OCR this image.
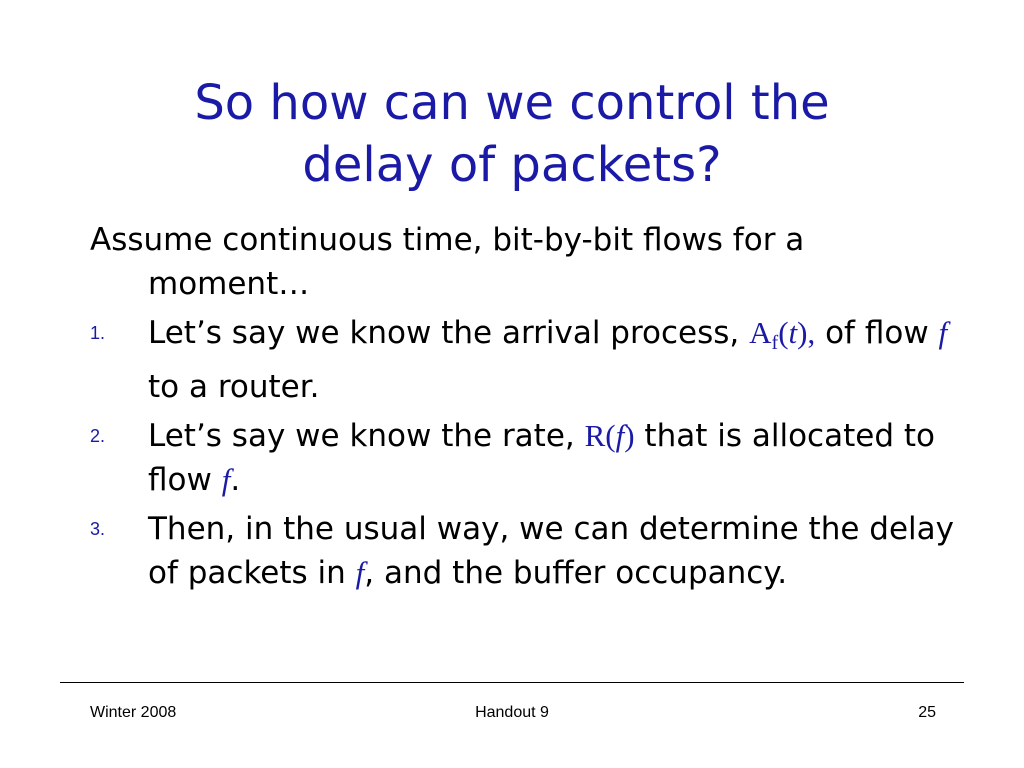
So how can we control the
delay of packets?

Assume continuous time, bit-by-bit flows for a moment…

1. Let’s say we know the arrival process, Af(t), of flow f to a router.
2. Let’s say we know the rate, R(f) that is allocated to flow f.
3. Then, in the usual way, we can determine the delay of packets in f, and the buffer occupancy.
Winter 2008	Handout 9	25
